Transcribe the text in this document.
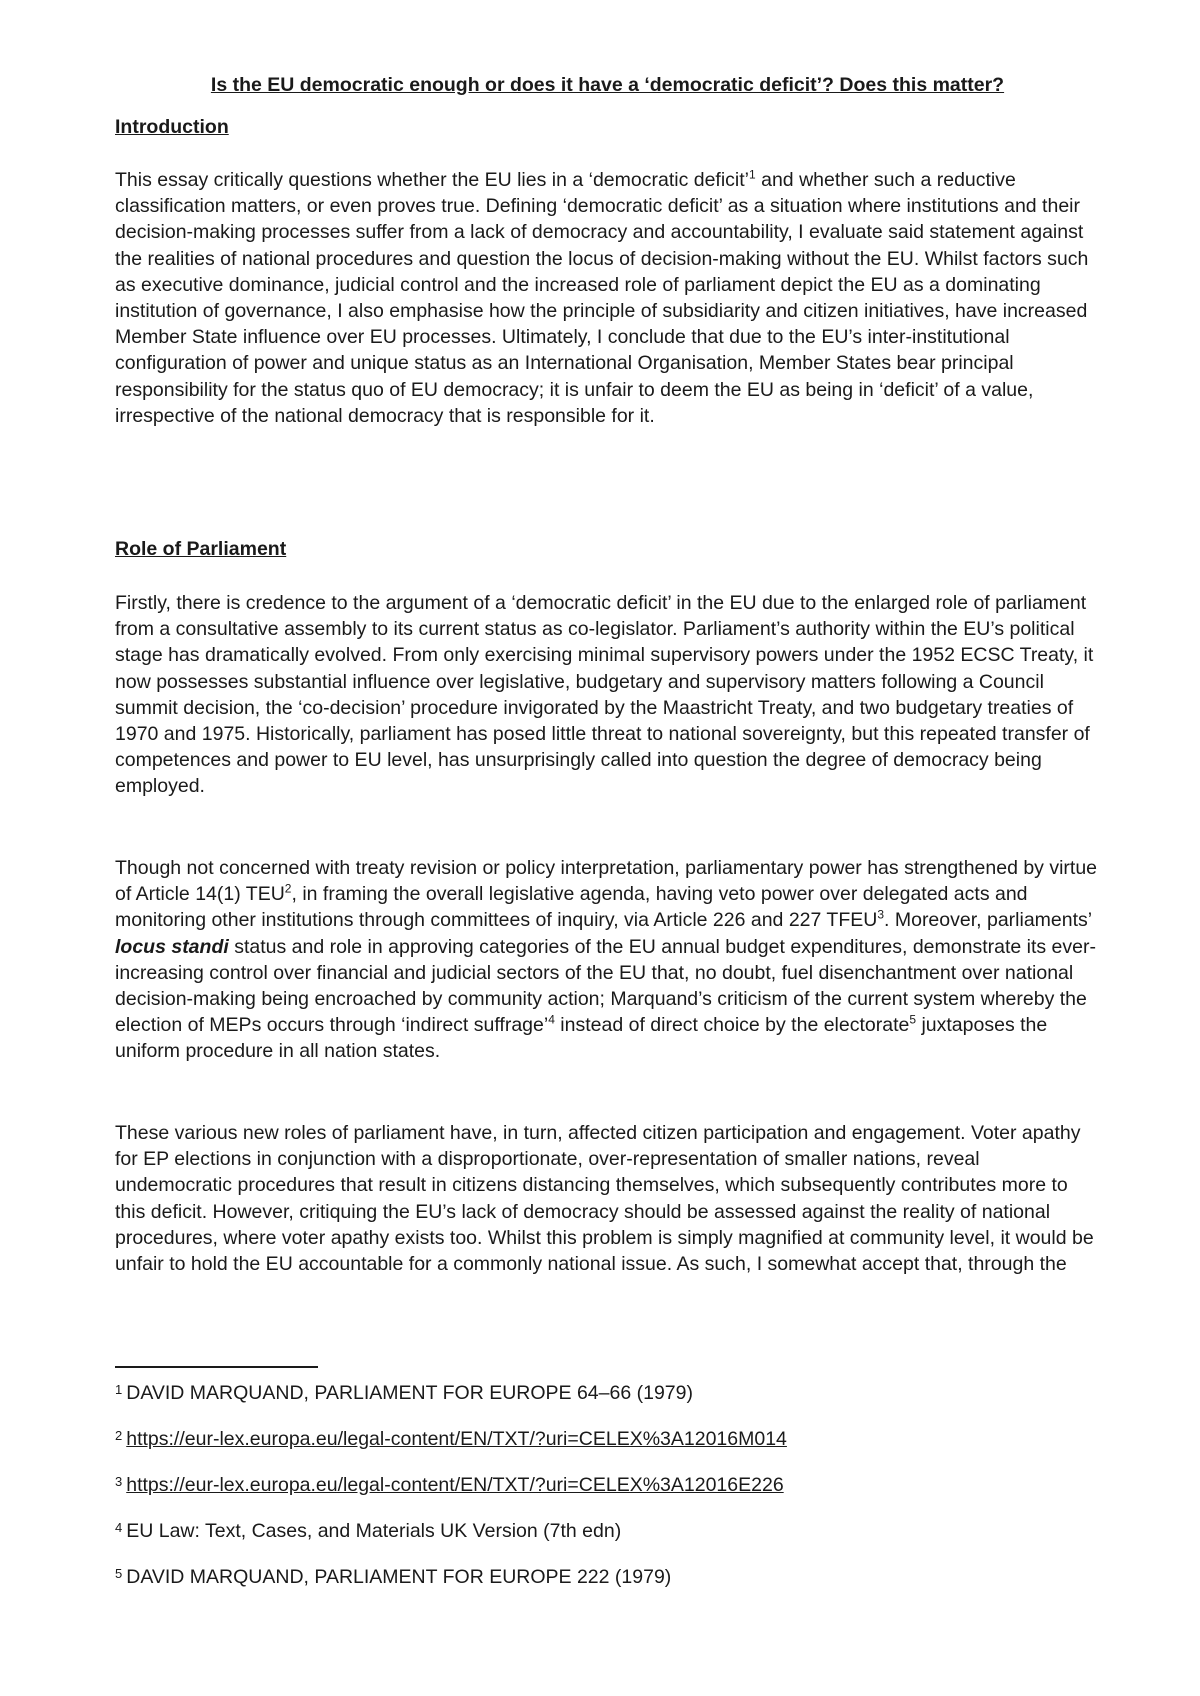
Is the EU democratic enough or does it have a ‘democratic deficit’? Does this matter?
Introduction

This essay critically questions whether the EU lies in a ‘democratic deficit’$^1$ and whether such a reductive classification matters, or even proves true. Defining ‘democratic deficit’ as a situation where institutions and their decision-making processes suffer from a lack of democracy and accountability, I evaluate said statement against the realities of national procedures and question the locus of decision-making without the EU. Whilst factors such as executive dominance, judicial control and the increased role of parliament depict the EU as a dominating institution of governance, I also emphasise how the principle of subsidiarity and citizen initiatives, have increased Member State influence over EU processes. Ultimately, I conclude that due to the EU’s inter-institutional configuration of power and unique status as an International Organisation, Member States bear principal responsibility for the status quo of EU democracy; it is unfair to deem the EU as being in ‘deficit’ of a value, irrespective of the national democracy that is responsible for it.

Role of Parliament

Firstly, there is credence to the argument of a ‘democratic deficit’ in the EU due to the enlarged role of parliament from a consultative assembly to its current status as co-legislator. Parliament’s authority within the EU’s political stage has dramatically evolved. From only exercising minimal supervisory powers under the 1952 ECSC Treaty, it now possesses substantial influence over legislative, budgetary and supervisory matters following a Council summit decision, the ‘co-decision’ procedure invigorated by the Maastricht Treaty, and two budgetary treaties of 1970 and 1975. Historically, parliament has posed little threat to national sovereignty, but this repeated transfer of competences and power to EU level, has unsurprisingly called into question the degree of democracy being employed.

Though not concerned with treaty revision or policy interpretation, parliamentary power has strengthened by virtue of Article 14(1) TEU$^2$, in framing the overall legislative agenda, having veto power over delegated acts and monitoring other institutions through committees of inquiry, via Article 226 and 227 TFEU$^3$. Moreover, parliaments’ locus standi status and role in approving categories of the EU annual budget expenditures, demonstrate its ever-increasing control over financial and judicial sectors of the EU that, no doubt, fuel disenchantment over national decision-making being encroached by community action; Marquand’s criticism of the current system whereby the election of MEPs occurs through ‘indirect suffrage’$^4$ instead of direct choice by the electorate$^5$ juxtaposes the uniform procedure in all nation states.

These various new roles of parliament have, in turn, affected citizen participation and engagement. Voter apathy for EP elections in conjunction with a disproportionate, over-representation of smaller nations, reveal undemocratic procedures that result in citizens distancing themselves, which subsequently contributes more to this deficit. However, critiquing the EU’s lack of democracy should be assessed against the reality of national procedures, where voter apathy exists too. Whilst this problem is simply magnified at community level, it would be unfair to hold the EU accountable for a commonly national issue. As such, I somewhat accept that, through the

$^1$ DAVID MARQUAND, PARLIAMENT FOR EUROPE 64–66 (1979)

$^2$ https://eur-lex.europa.eu/legal-content/EN/TXT/?uri=CELEX%3A12016M014

$^3$ https://eur-lex.europa.eu/legal-content/EN/TXT/?uri=CELEX%3A12016E226

$^4$ EU Law: Text, Cases, and Materials UK Version (7th edn)

$^5$ DAVID MARQUAND, PARLIAMENT FOR EUROPE 222 (1979)
